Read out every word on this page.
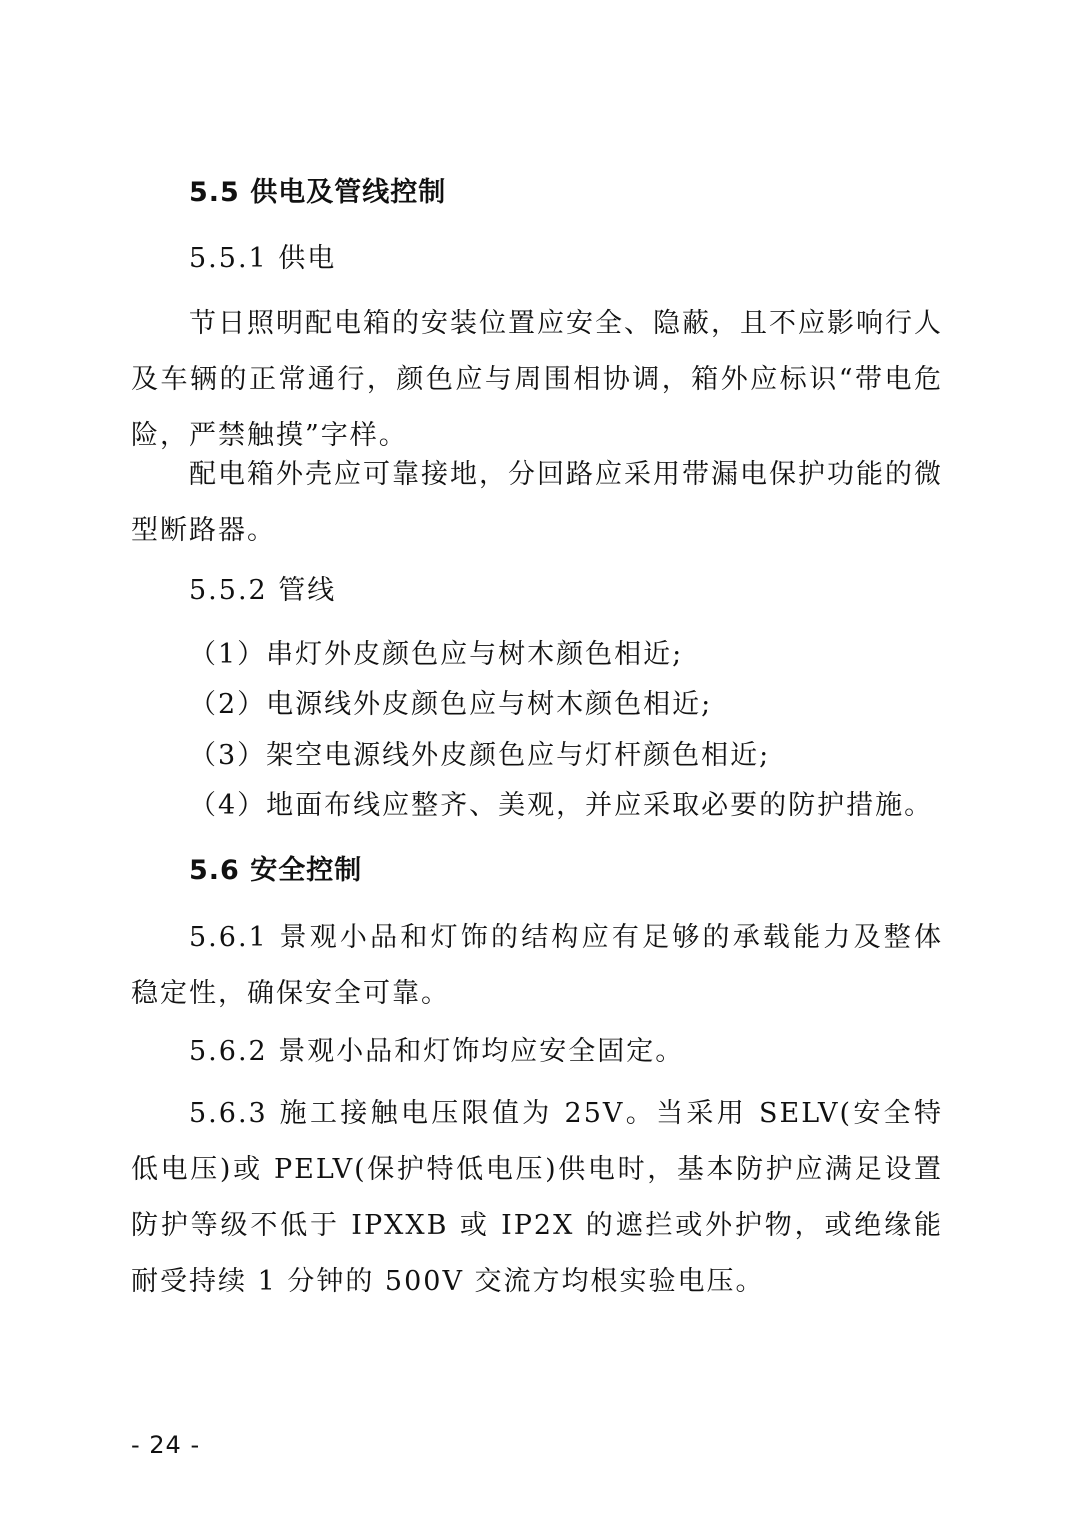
5.5 供电及管线控制
5.5.1 供电
节日照明配电箱的安装位置应安全、隐蔽，且不应影响行人及车辆的正常通行，颜色应与周围相协调，箱外应标识“带电危险，严禁触摸”字样。
配电箱外壳应可靠接地，分回路应采用带漏电保护功能的微型断路器。
5.5.2 管线
（1）串灯外皮颜色应与树木颜色相近;
（2）电源线外皮颜色应与树木颜色相近;
（3）架空电源线外皮颜色应与灯杆颜色相近;
（4）地面布线应整齐、美观，并应采取必要的防护措施。
5.6 安全控制
5.6.1 景观小品和灯饰的结构应有足够的承载能力及整体稳定性，确保安全可靠。
5.6.2 景观小品和灯饰均应安全固定。
5.6.3 施工接触电压限值为 25V。当采用 SELV(安全特低电压)或 PELV(保护特低电压)供电时，基本防护应满足设置防护等级不低于 IPXXB 或 IP2X 的遮拦或外护物，或绝缘能耐受持续 1 分钟的 500V 交流方均根实验电压。
- 24 -
